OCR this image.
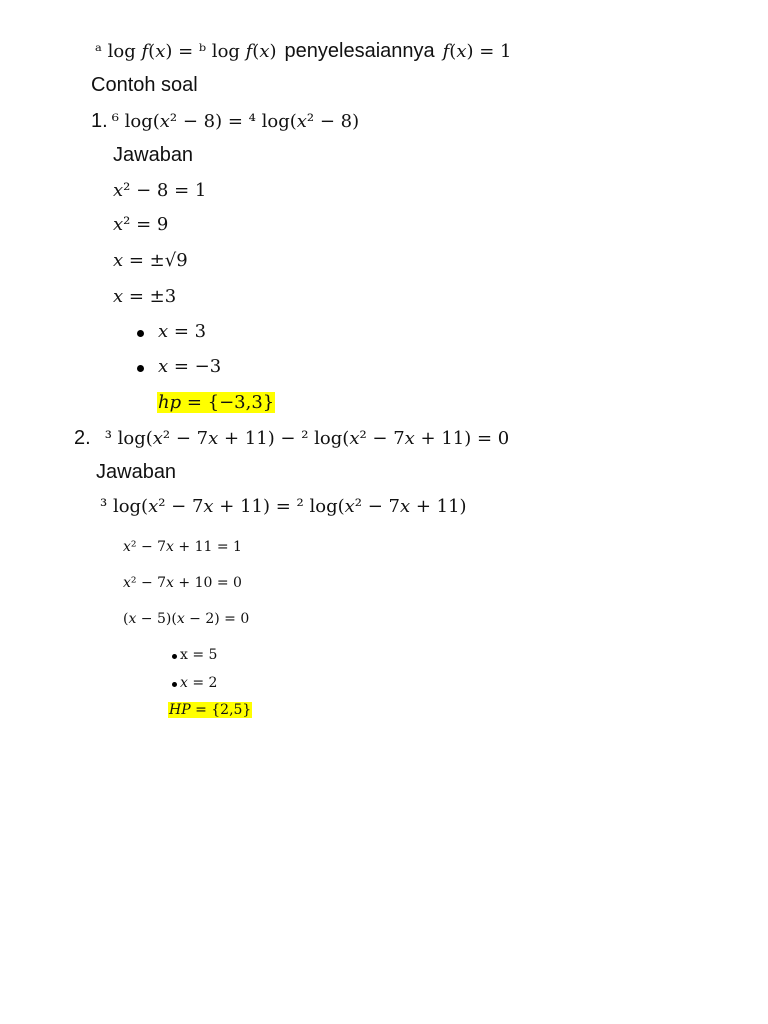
ᵃ log 𝑓(𝑥) = ᵇ log 𝑓(𝑥) penyelesaiannya 𝑓(𝑥) = 1
Contoh soal
1. ⁶ log(𝑥² − 8) = ⁴ log(𝑥² − 8)
Jawaban
𝑥² − 8 = 1
𝑥² = 9
𝑥 = ±√9
𝑥 = ±3
𝑥 = 3
𝑥 = −3
ℎ𝑝 = {−3,3}
2. ³ log(𝑥² − 7𝑥 + 11) − ² log(𝑥² − 7𝑥 + 11) = 0
Jawaban
³ log(𝑥² − 7𝑥 + 11) = ² log(𝑥² − 7𝑥 + 11)
𝑥² − 7𝑥 + 11 = 1
𝑥² − 7𝑥 + 10 = 0
(𝑥 − 5)(𝑥 − 2) = 0
x = 5
𝑥 = 2
𝐻𝑃 = {2,5}
